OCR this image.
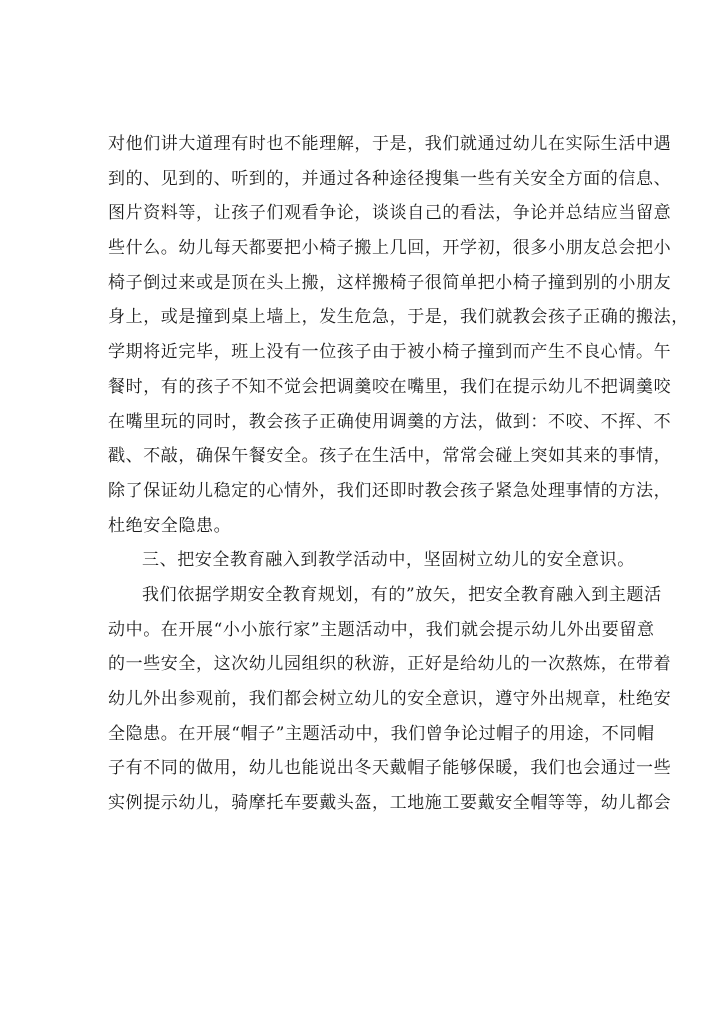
对他们讲大道理有时也不能理解，于是，我们就通过幼儿在实际生活中遇
到的、见到的、听到的，并通过各种途径搜集一些有关安全方面的信息、
图片资料等，让孩子们观看争论，谈谈自己的看法，争论并总结应当留意
些什么。幼儿每天都要把小椅子搬上几回，开学初，很多小朋友总会把小
椅子倒过来或是顶在头上搬，这样搬椅子很简单把小椅子撞到别的小朋友
身上，或是撞到桌上墙上，发生危急，于是，我们就教会孩子正确的搬法，
学期将近完毕，班上没有一位孩子由于被小椅子撞到而产生不良心情。午
餐时，有的孩子不知不觉会把调羹咬在嘴里，我们在提示幼儿不把调羹咬
在嘴里玩的同时，教会孩子正确使用调羹的方法，做到：不咬、不挥、不
戳、不敲，确保午餐安全。孩子在生活中，常常会碰上突如其来的事情，
除了保证幼儿稳定的心情外，我们还即时教会孩子紧急处理事情的方法，
杜绝安全隐患。
三、把安全教育融入到教学活动中，坚固树立幼儿的安全意识。
我们依据学期安全教育规划，有的”放矢，把安全教育融入到主题活
动中。在开展“小小旅行家”主题活动中，我们就会提示幼儿外出要留意
的一些安全，这次幼儿园组织的秋游，正好是给幼儿的一次熬炼，在带着
幼儿外出参观前，我们都会树立幼儿的安全意识，遵守外出规章，杜绝安
全隐患。在开展“帽子”主题活动中，我们曾争论过帽子的用途，不同帽
子有不同的做用，幼儿也能说出冬天戴帽子能够保暖，我们也会通过一些
实例提示幼儿，骑摩托车要戴头盔，工地施工要戴安全帽等等，幼儿都会
